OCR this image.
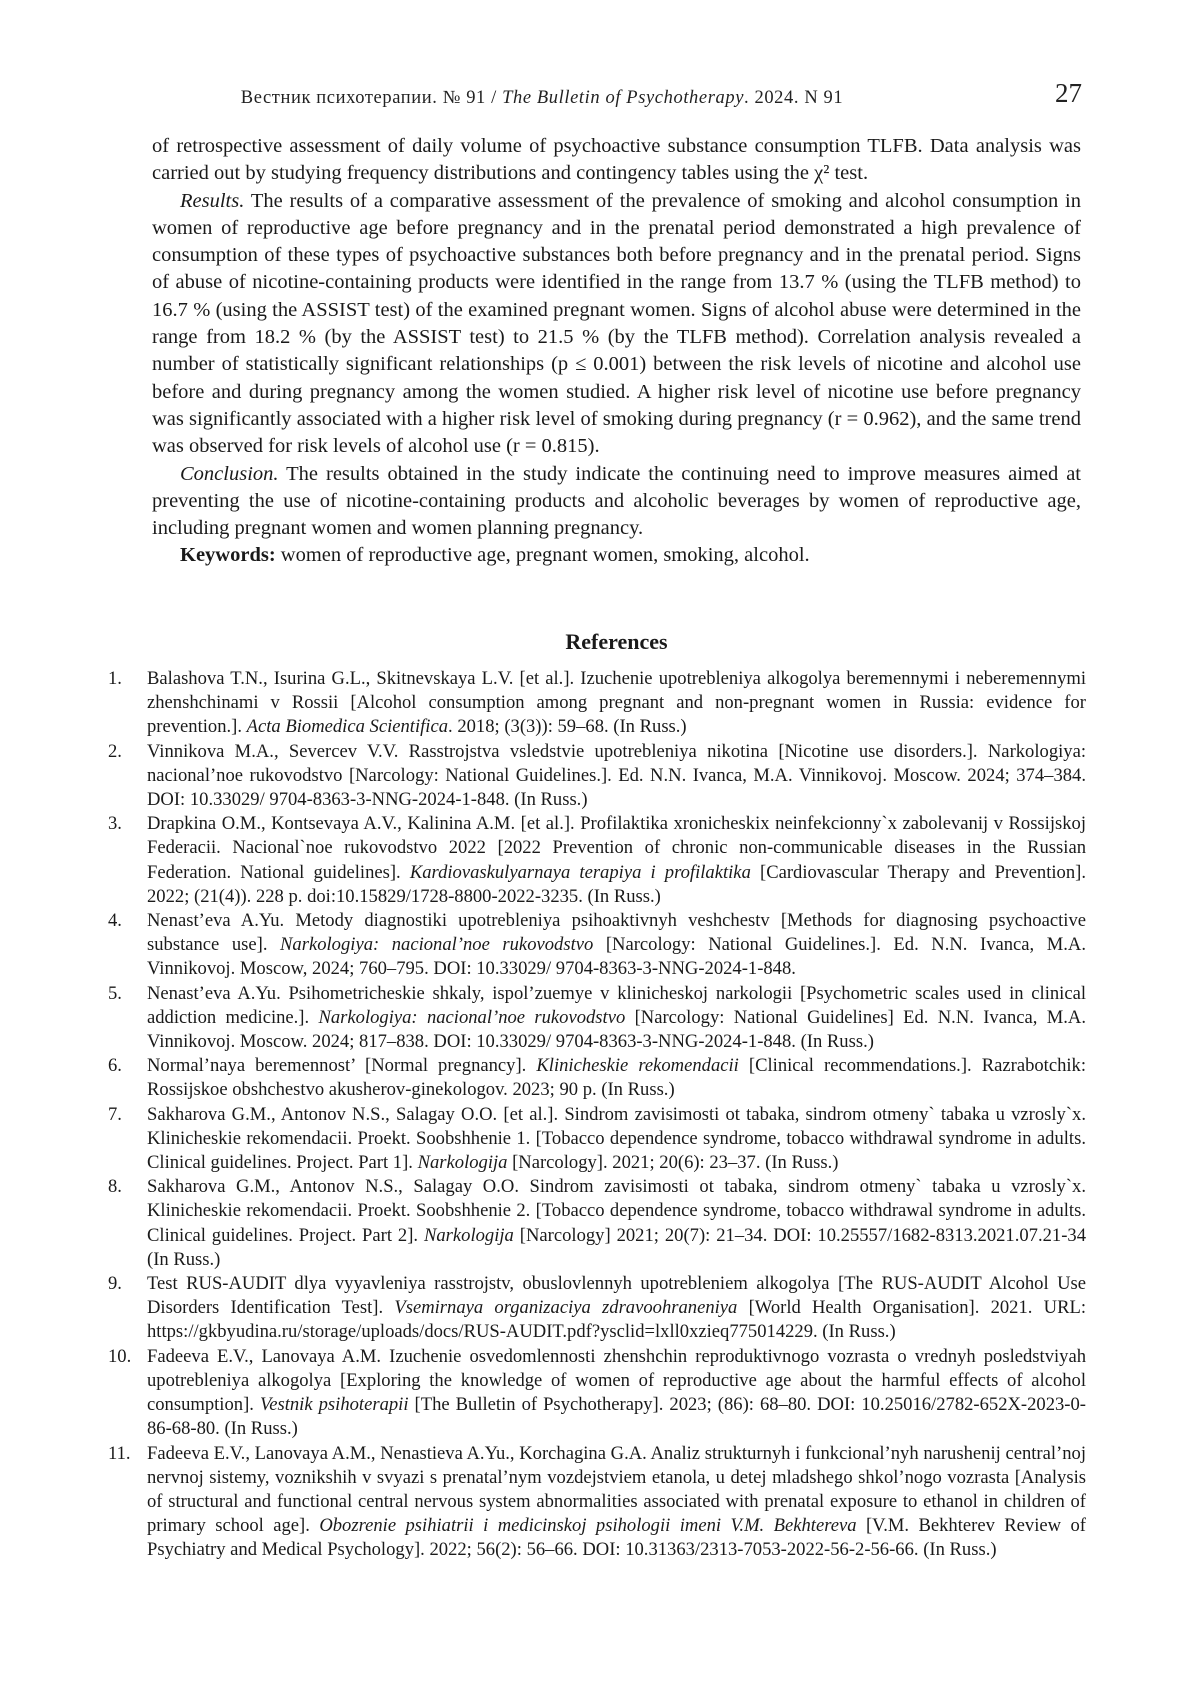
Вестник психотерапии. № 91 / The Bulletin of Psychotherapy. 2024. N 91	27

of retrospective assessment of daily volume of psychoactive substance consumption TLFB. Data analysis was carried out by studying frequency distributions and contingency tables using the χ² test.

Results. The results of a comparative assessment of the prevalence of smoking and alcohol consumption in women of reproductive age before pregnancy and in the prenatal period demonstrated a high prevalence of consumption of these types of psychoactive substances both before pregnancy and in the prenatal period. Signs of abuse of nicotine-containing products were identified in the range from 13.7 % (using the TLFB method) to 16.7 % (using the ASSIST test) of the examined pregnant women. Signs of alcohol abuse were determined in the range from 18.2 % (by the ASSIST test) to 21.5 % (by the TLFB method). Correlation analysis revealed a number of statistically significant relationships (p ≤ 0.001) between the risk levels of nicotine and alcohol use before and during pregnancy among the women studied. A higher risk level of nicotine use before pregnancy was significantly associated with a higher risk level of smoking during pregnancy (r = 0.962), and the same trend was observed for risk levels of alcohol use (r = 0.815).

Conclusion. The results obtained in the study indicate the continuing need to improve measures aimed at preventing the use of nicotine-containing products and alcoholic beverages by women of reproductive age, including pregnant women and women planning pregnancy.

Keywords: women of reproductive age, pregnant women, smoking, alcohol.

References
1.	Balashova T.N., Isurina G.L., Skitnevskaya L.V. [et al.]. Izuchenie upotrebleniya alkogolya beremennymi i neberemennymi zhenshchinami v Rossii [Alcohol consumption among pregnant and non-pregnant women in Russia: evidence for prevention.]. Acta Biomedica Scientifica. 2018; (3(3)): 59–68. (In Russ.)
2.	Vinnikova M.A., Severcev V.V. Rasstrojstva vsledstvie upotrebleniya nikotina [Nicotine use disorders.]. Narkologiya: nacional’noe rukovodstvo [Narcology: National Guidelines.]. Ed. N.N. Ivanca, M.A. Vinnikovoj. Moscow. 2024; 374–384. DOI: 10.33029/ 9704-8363-3-NNG-2024-1-848. (In Russ.)
3.	Drapkina O.M., Kontsevaya A.V., Kalinina A.M. [et al.]. Profilaktika xronicheskix neinfekcionny`x zabolevanij v Rossijskoj Federacii. Nacional`noe rukovodstvo 2022 [2022 Prevention of chronic non-communicable diseases in the Russian Federation. National guidelines]. Kardiovaskulyarnaya terapiya i profilaktika [Cardiovascular Therapy and Prevention]. 2022; (21(4)). 228 p. doi:10.15829/1728-8800-2022-3235. (In Russ.)
4.	Nenast’eva A.Yu. Metody diagnostiki upotrebleniya psihoaktivnyh veshchestv [Methods for diagnosing psychoactive substance use]. Narkologiya: nacional’noe rukovodstvo [Narcology: National Guidelines.]. Ed. N.N. Ivanca, M.A. Vinnikovoj. Moscow, 2024; 760–795. DOI: 10.33029/ 9704-8363-3-NNG-2024-1-848.
5.	Nenast’eva A.Yu. Psihometricheskie shkaly, ispol’zuemye v klinicheskoj narkologii [Psychometric scales used in clinical addiction medicine.]. Narkologiya: nacional’noe rukovodstvo [Narcology: National Guidelines] Ed. N.N. Ivanca, M.A. Vinnikovoj. Moscow. 2024; 817–838. DOI: 10.33029/ 9704-8363-3-NNG-2024-1-848. (In Russ.)
6.	Normal’naya beremennost’ [Normal pregnancy]. Klinicheskie rekomendacii [Clinical recommendations.]. Razrabotchik: Rossijskoe obshchestvo akusherov-ginekologov. 2023; 90 p. (In Russ.)
7.	Sakharova G.M., Antonov N.S., Salagay O.O. [et al.]. Sindrom zavisimosti ot tabaka, sindrom otmeny` tabaka u vzrosly`x. Klinicheskie rekomendacii. Proekt. Soobshhenie 1. [Tobacco dependence syndrome, tobacco withdrawal syndrome in adults. Clinical guidelines. Project. Part 1]. Narkologija [Narcology]. 2021; 20(6): 23–37. (In Russ.)
8.	Sakharova G.M., Antonov N.S., Salagay O.O. Sindrom zavisimosti ot tabaka, sindrom otmeny` tabaka u vzrosly`x. Klinicheskie rekomendacii. Proekt. Soobshhenie 2. [Tobacco dependence syndrome, tobacco withdrawal syndrome in adults. Clinical guidelines. Project. Part 2]. Narkologija [Narcology] 2021; 20(7): 21–34. DOI: 10.25557/1682-8313.2021.07.21-34 (In Russ.)
9.	Test RUS-AUDIT dlya vyyavleniya rasstrojstv, obuslovlennyh upotrebleniem alkogolya [The RUS-AUDIT Alcohol Use Disorders Identification Test]. Vsemirnaya organizaciya zdravoohraneniya [World Health Organisation]. 2021. URL: https://gkbyudina.ru/storage/uploads/docs/RUS-AUDIT.pdf?ysclid=lxll0xzieq775014229. (In Russ.)
10. Fadeeva E.V., Lanovaya A.M. Izuchenie osvedomlennosti zhenshchin reproduktivnogo vozrasta o vrednyh posledstviyah upotrebleniya alkogolya [Exploring the knowledge of women of reproductive age about the harmful effects of alcohol consumption]. Vestnik psihoterapii [The Bulletin of Psychotherapy]. 2023; (86): 68–80. DOI: 10.25016/2782-652X-2023-0-86-68-80. (In Russ.)
11. Fadeeva E.V., Lanovaya A.M., Nenastieva A.Yu., Korchagina G.A. Analiz strukturnyh i funkcional’nyh narushenij central’noj nervnoj sistemy, voznikshih v svyazi s prenatal’nym vozdejstviem etanola, u detej mladshego shkol’nogo vozrasta [Analysis of structural and functional central nervous system abnormalities associated with prenatal exposure to ethanol in children of primary school age]. Obozrenie psihiatrii i medicinskoj psihologii imeni V.M. Bekhtereva [V.M. Bekhterev Review of Psychiatry and Medical Psychology]. 2022; 56(2): 56–66. DOI: 10.31363/2313-7053-2022-56-2-56-66. (In Russ.)
